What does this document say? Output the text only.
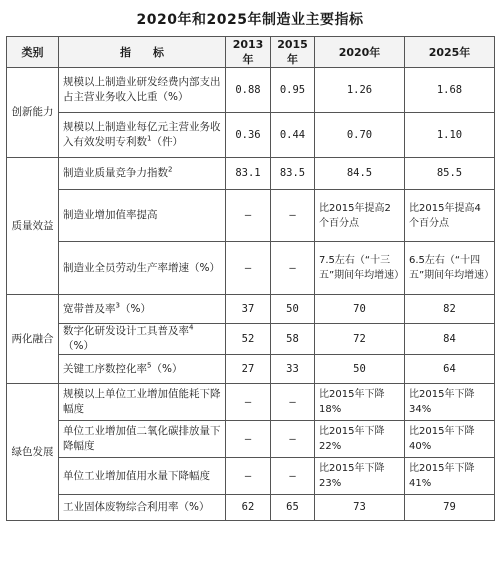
2020年和2025年制造业主要指标
类别	指　　标	2013年	2015年	2020年	2025年
创新能力	规模以上制造业研发经费内部支出占主营业务收入比重（%）	0.88	0.95	1.26	1.68
	规模以上制造业每亿元主营业务收入有效发明专利数$^1$（件）	0.36	0.44	0.70	1.10
质量效益	制造业质量竞争力指数$^2$	83.1	83.5	84.5	85.5
	制造业增加值率提高	—	—	比2015年提高2个百分点	比2015年提高4个百分点
	制造业全员劳动生产率增速（%）	—	—	7.5左右（“十三五”期间年均增速）	6.5左右（“十四五”期间年均增速）
两化融合	宽带普及率$^3$（%）	37	50	70	82
	数字化研发设计工具普及率$^4$（%）	52	58	72	84
	关键工序数控化率$^5$（%）	27	33	50	64
绿色发展	规模以上单位工业增加值能耗下降幅度	—	—	比2015年下降18%	比2015年下降34%
	单位工业增加值二氧化碳排放量下降幅度	—	—	比2015年下降22%	比2015年下降40%
	单位工业增加值用水量下降幅度	—	—	比2015年下降23%	比2015年下降41%
	工业固体废物综合利用率（%）	62	65	73	79
